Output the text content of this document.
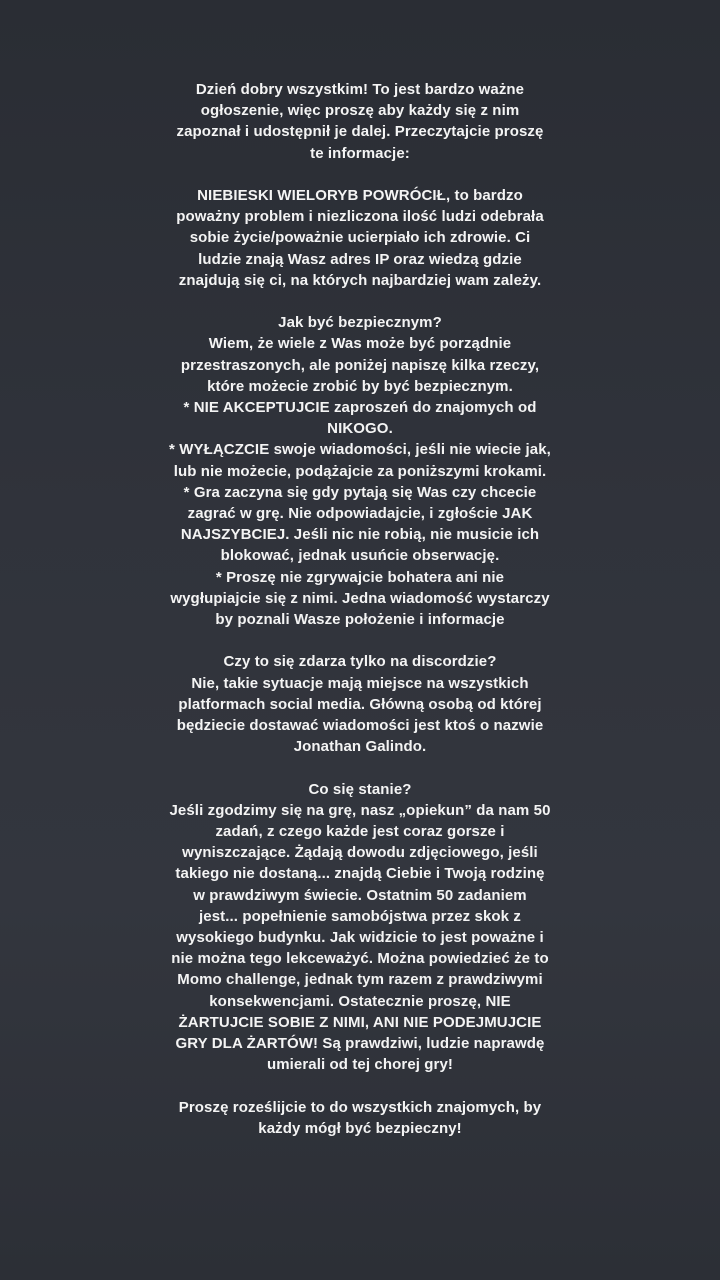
Dzień dobry wszystkim! To jest bardzo ważne
ogłoszenie, więc proszę aby każdy się z nim
zapoznał i udostępnił je dalej. Przeczytajcie proszę
te informacje:
NIEBIESKI WIELORYB POWRÓCIŁ, to bardzo
poważny problem i niezliczona ilość ludzi odebrała
sobie życie/poważnie ucierpiało ich zdrowie. Ci
ludzie znają Wasz adres IP oraz wiedzą gdzie
znajdują się ci, na których najbardziej wam zależy.
Jak być bezpiecznym?
Wiem, że wiele z Was może być porządnie
przestraszonych, ale poniżej napiszę kilka rzeczy,
które możecie zrobić by być bezpiecznym.
* NIE AKCEPTUJCIE zaproszeń do znajomych od
NIKOGO.
* WYŁĄCZCIE swoje wiadomości, jeśli nie wiecie jak,
lub nie możecie, podążajcie za poniższymi krokami.
* Gra zaczyna się gdy pytają się Was czy chcecie
zagrać w grę. Nie odpowiadajcie, i zgłoście JAK
NAJSZYBCIEJ. Jeśli nic nie robią, nie musicie ich
blokować, jednak usuńcie obserwację.
* Proszę nie zgrywajcie bohatera ani nie
wygłupiajcie się z nimi. Jedna wiadomość wystarczy
by poznali Wasze położenie i informacje
Czy to się zdarza tylko na discordzie?
Nie, takie sytuacje mają miejsce na wszystkich
platformach social media. Główną osobą od której
będziecie dostawać wiadomości jest ktoś o nazwie
Jonathan Galindo.
Co się stanie?
Jeśli zgodzimy się na grę, nasz „opiekun” da nam 50
zadań, z czego każde jest coraz gorsze i
wyniszczające. Żądają dowodu zdjęciowego, jeśli
takiego nie dostaną... znajdą Ciebie i Twoją rodzinę
w prawdziwym świecie. Ostatnim 50 zadaniem
jest... popełnienie samobójstwa przez skok z
wysokiego budynku. Jak widzicie to jest poważne i
nie można tego lekceważyć. Można powiedzieć że to
Momo challenge, jednak tym razem z prawdziwymi
konsekwencjami. Ostatecznie proszę, NIE
ŻARTUJCIE SOBIE Z NIMI, ANI NIE PODEJMUJCIE
GRY DLA ŻARTÓW! Są prawdziwi, ludzie naprawdę
umierali od tej chorej gry!
Proszę roześlijcie to do wszystkich znajomych, by
każdy mógł być bezpieczny!
